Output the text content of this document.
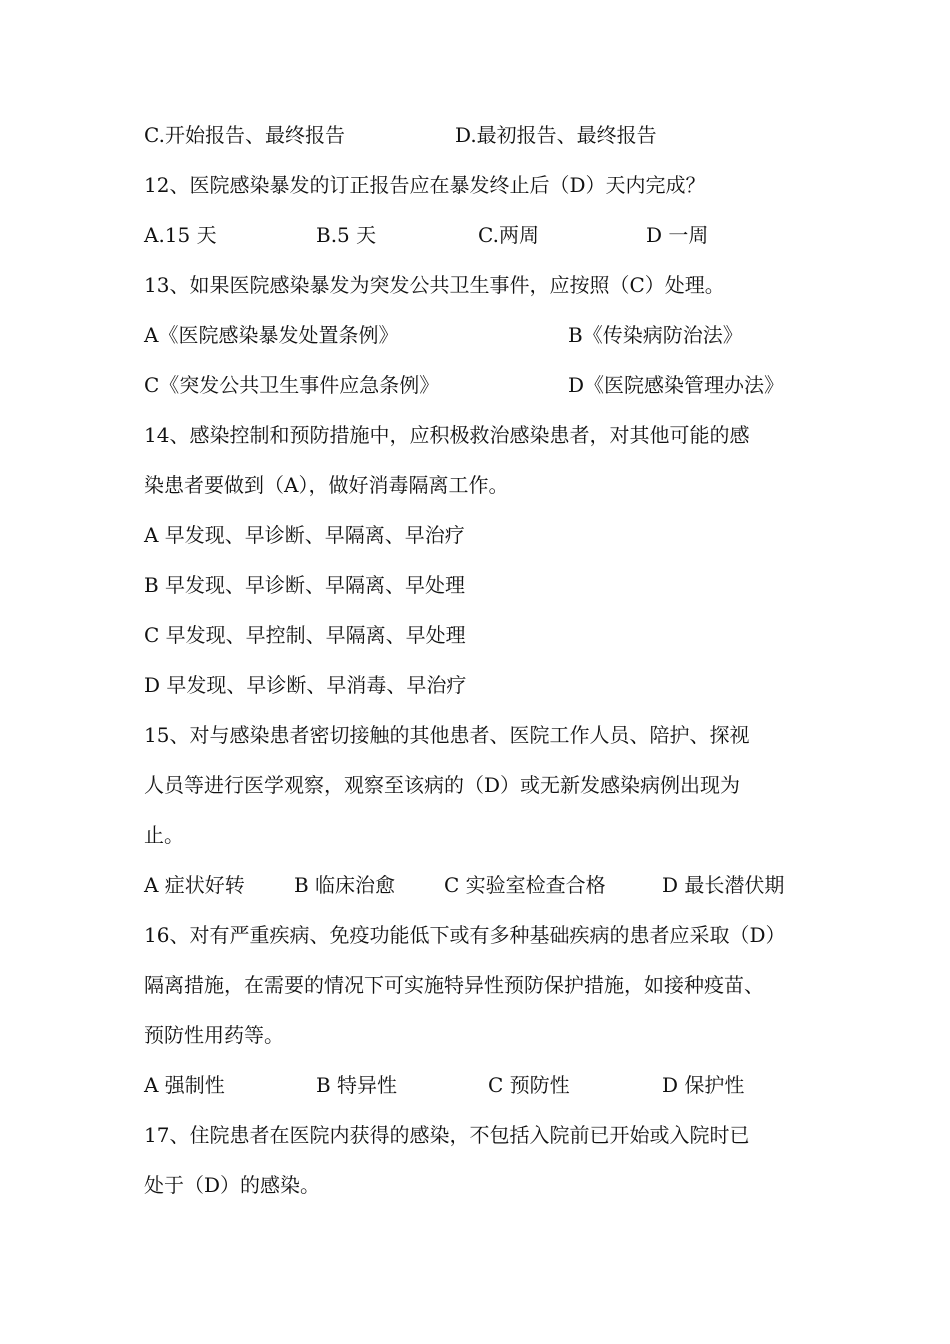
C.开始报告、最终报告	D.最初报告、最终报告
12、医院感染暴发的订正报告应在暴发终止后（D）天内完成？
A.15 天	B.5 天	C.两周	D 一周
13、如果医院感染暴发为突发公共卫生事件，应按照（C）处理。
A《医院感染暴发处置条例》	B《传染病防治法》
C《突发公共卫生事件应急条例》	D《医院感染管理办法》
14、感染控制和预防措施中，应积极救治感染患者，对其他可能的感
染患者要做到（A），做好消毒隔离工作。
A 早发现、早诊断、早隔离、早治疗
B 早发现、早诊断、早隔离、早处理
C 早发现、早控制、早隔离、早处理
D 早发现、早诊断、早消毒、早治疗
15、对与感染患者密切接触的其他患者、医院工作人员、陪护、探视
人员等进行医学观察，观察至该病的（D）或无新发感染病例出现为
止。
A 症状好转 B 临床治愈 C 实验室检查合格	D 最长潜伏期
16、对有严重疾病、免疫功能低下或有多种基础疾病的患者应采取（D）
隔离措施，在需要的情况下可实施特异性预防保护措施，如接种疫苗、
预防性用药等。
A 强制性	B 特异性	C 预防性	D 保护性
17、住院患者在医院内获得的感染，不包括入院前已开始或入院时已
处于（D）的感染。
